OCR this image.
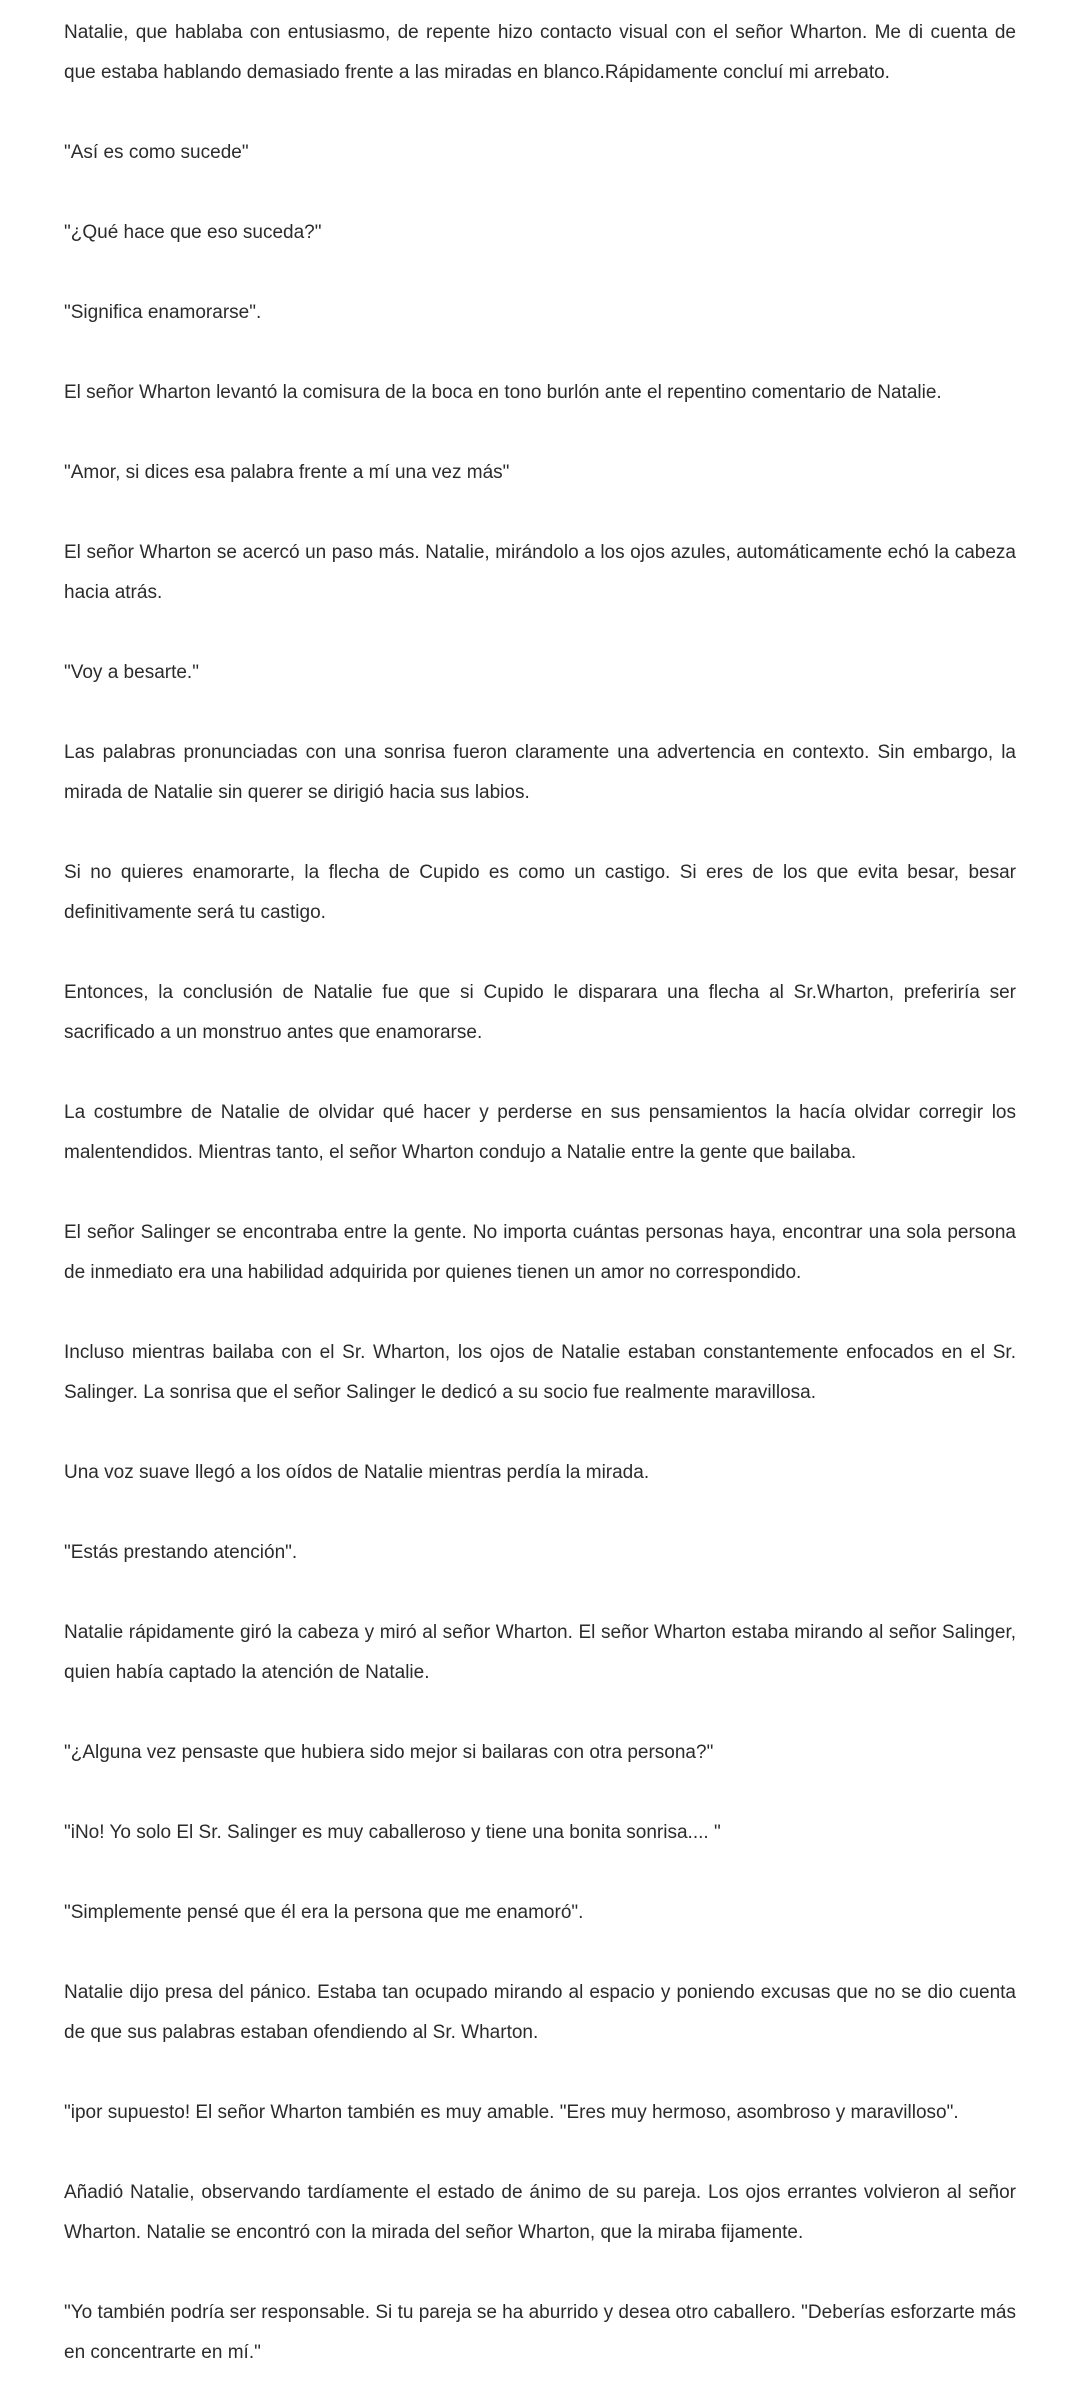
Natalie, que hablaba con entusiasmo, de repente hizo contacto visual con el señor Wharton. Me di cuenta de que estaba hablando demasiado frente a las miradas en blanco.Rápidamente concluí mi arrebato.

"Así es como sucede"

"¿Qué hace que eso suceda?"

"Significa enamorarse".

El señor Wharton levantó la comisura de la boca en tono burlón ante el repentino comentario de Natalie.

"Amor, si dices esa palabra frente a mí una vez más"

El señor Wharton se acercó un paso más. Natalie, mirándolo a los ojos azules, automáticamente echó la cabeza hacia atrás.

"Voy a besarte."

Las palabras pronunciadas con una sonrisa fueron claramente una advertencia en contexto. Sin embargo, la mirada de Natalie sin querer se dirigió hacia sus labios.

Si no quieres enamorarte, la flecha de Cupido es como un castigo. Si eres de los que evita besar, besar definitivamente será tu castigo.

Entonces, la conclusión de Natalie fue que si Cupido le disparara una flecha al Sr.Wharton, preferiría ser sacrificado a un monstruo antes que enamorarse.

La costumbre de Natalie de olvidar qué hacer y perderse en sus pensamientos la hacía olvidar corregir los malentendidos. Mientras tanto, el señor Wharton condujo a Natalie entre la gente que bailaba.

El señor Salinger se encontraba entre la gente. No importa cuántas personas haya, encontrar una sola persona de inmediato era una habilidad adquirida por quienes tienen un amor no correspondido.

Incluso mientras bailaba con el Sr. Wharton, los ojos de Natalie estaban constantemente enfocados en el Sr. Salinger. La sonrisa que el señor Salinger le dedicó a su socio fue realmente maravillosa.

Una voz suave llegó a los oídos de Natalie mientras perdía la mirada.

"Estás prestando atención".

Natalie rápidamente giró la cabeza y miró al señor Wharton. El señor Wharton estaba mirando al señor Salinger, quien había captado la atención de Natalie.

"¿Alguna vez pensaste que hubiera sido mejor si bailaras con otra persona?"

"iNo! Yo solo El Sr. Salinger es muy caballeroso y tiene una bonita sonrisa.... "

"Simplemente pensé que él era la persona que me enamoró".

Natalie dijo presa del pánico. Estaba tan ocupado mirando al espacio y poniendo excusas que no se dio cuenta de que sus palabras estaban ofendiendo al Sr. Wharton.

"ipor supuesto! El señor Wharton también es muy amable. "Eres muy hermoso, asombroso y maravilloso".

Añadió Natalie, observando tardíamente el estado de ánimo de su pareja. Los ojos errantes volvieron al señor Wharton. Natalie se encontró con la mirada del señor Wharton, que la miraba fijamente.

"Yo también podría ser responsable. Si tu pareja se ha aburrido y desea otro caballero. "Deberías esforzarte más en concentrarte en mí."
